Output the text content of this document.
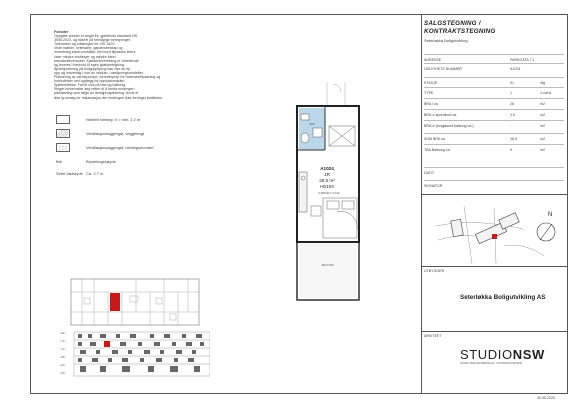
Fotnoter
Oppgitte arealer er angitt iht. gjeldende standard NS
3940:2023, og basert på foreløpige beregninger.
Toleranser og målsregler iht. NS 3420.
Viste møbler, hvitevarer, garderobeskap og
innredning samt produkter ved bord tilpasses leiers
viser mindre endringer og mindre idea i
standardleveranser. Kjøkkeninnredning er veiledende
og leveres i henhold til egen kjøkkentegning.
Åpningsretning på boligoppfyring kan vise at ny/
opp og innvendig i noe av vinduer / døråpningsmodellen.
Plassering av varmepumpe, forrederprep for hvitevaretilpasning og
forbindelser ved opplegg for oppvaskmaskin.
Sjakter/dekke. Fall til sluk på bad og balkong.
Selger forbeholder seg retten til å foreta endringer i
planløsning som følge av detaljprosjektering. Avvik er
ikke grunnlag for reklamasjon der endringen ikke forringer kvaliteten.
Nedfelt himling: h = min. 2,2 m
Ventilasjonsaggregat, vegghengt
Ventilasjonsaggregat, himlingsmontert
Brh	Brystningshøyde
Sette takhøyde Ca. 2,7 m
+82 ↑
+76 ↑
+72 ↑
+68 ↑
+64 ↑
+60 ↑
A1024
1R
26,0 m²
H0103
BAD
KJØKKEN / STUE
BALKONG
SALGSTEGNING /
KONTRAKTSTEGNING
Seterløkka Boligutvikling
ADRESSE	PARKGATA 7-1
LEILIGHETS NUMMER	A1024
ETASJE	01	4fg
TYPE	1	1-roms
BRA i ca	26	m2
BRA-e sportsbod ca.	2,5	m2
BRA-b (innglasset balkong ca.)	-	m2
SUM BRA ca	28,5	m2
TBA Balkong ca.	9	m2
DATO
SIGNATUR
N
UTBYGGER
Seterløkka Boligutvikling AS
ARKITEKT
STUDIONSW
STUDIO NSW ARKITEKTER AS · KONTRAKTSTEGNING
30.05.2025
